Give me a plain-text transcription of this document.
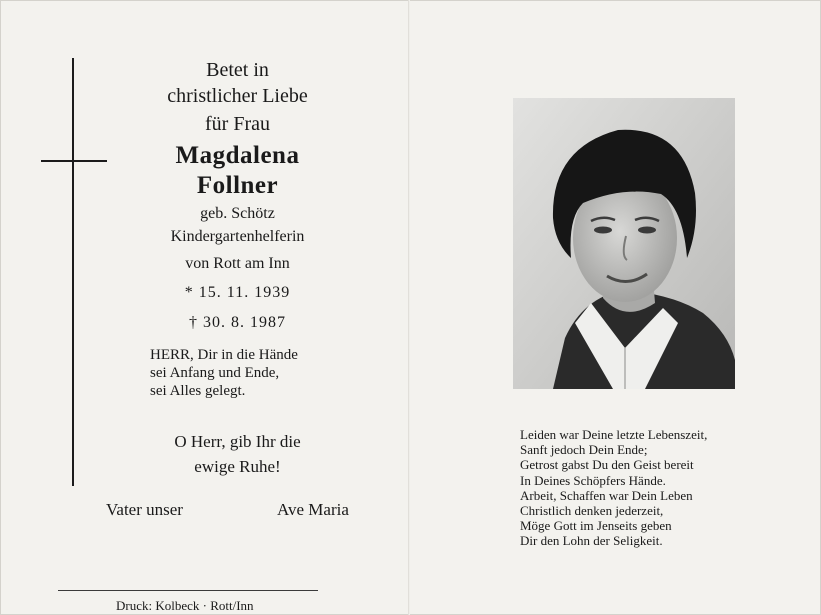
Betet in
christlicher Liebe
für Frau
Magdalena
Follner
geb. Schötz
Kindergartenhelferin
von Rott am Inn
* 15. 11. 1939
† 30. 8. 1987
HERR, Dir in die Hände
sei Anfang und Ende,
sei Alles gelegt.
O Herr, gib Ihr die
ewige Ruhe!
Vater unser	Ave Maria
Druck: Kolbeck · Rott/Inn
Leiden war Deine letzte Lebenszeit,
Sanft jedoch Dein Ende;
Getrost gabst Du den Geist bereit
In Deines Schöpfers Hände.
Arbeit, Schaffen war Dein Leben
Christlich denken jederzeit,
Möge Gott im Jenseits geben
Dir den Lohn der Seligkeit.
